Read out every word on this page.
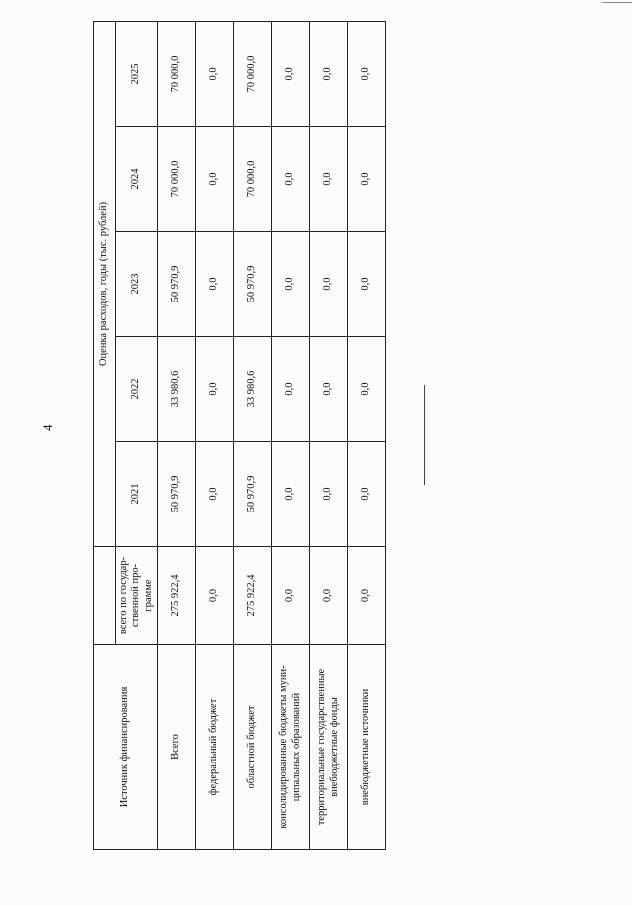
4
Источник финансирования		Оценка расходов, годы (тыс. рублей)				
	всего по государ-ственной про-грамме	2021	2022	2023	2024	2025
Всего	275 922,4	50 970,9	33 980,6	50 970,9	70 000,0	70 000,0
федеральный бюджет	0,0	0,0	0,0	0,0	0,0	0,0
областной бюджет	275 922,4	50 970,9	33 980,6	50 970,9	70 000,0	70 000,0
консолидированные бюджеты муни-ципальных образований	0,0	0,0	0,0	0,0	0,0	0,0
территориальные государственные внебюджетные фонды	0,0	0,0	0,0	0,0	0,0	0,0
внебюджетные источники	0,0	0,0	0,0	0,0	0,0	0,0
